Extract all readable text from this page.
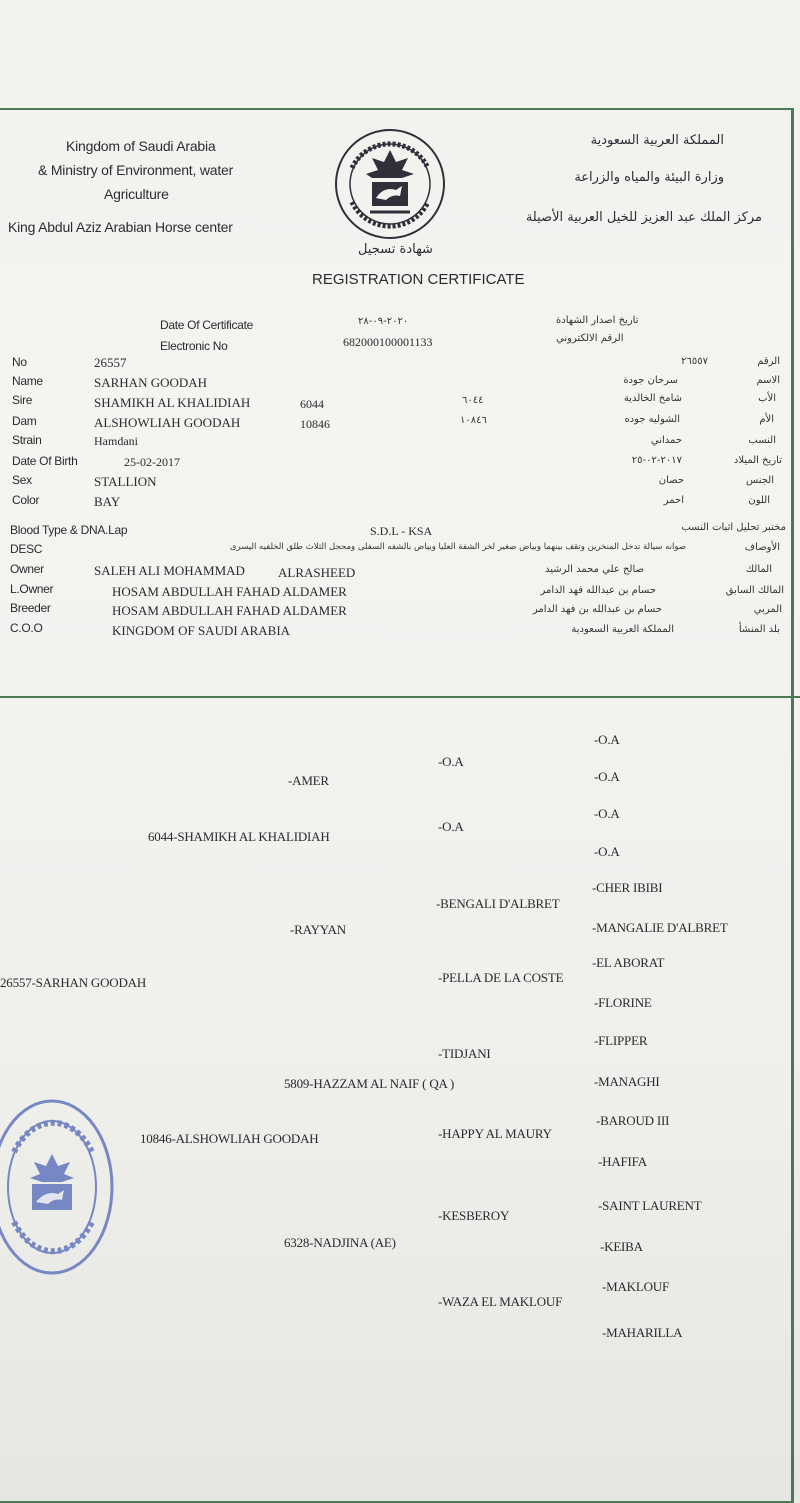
Kingdom of Saudi Arabia
& Ministry of Environment, water
Agriculture
King Abdul Aziz Arabian Horse center
المملكة العربية السعودية
وزارة البيئة والمياه والزراعة
مركز الملك عبد العزيز للخيل العربية الأصيلة
شهادة تسجيل
REGISTRATION CERTIFICATE
Date Of Certificate	٢٠٢٠-٠٩-٢٨	تاريخ اصدار الشهادة
Electronic No	682000100001133	الرقم الالكتروني
No	26557	٢٦٥٥٧	الرقم
Name	SARHAN GOODAH	سرحان جودة	الاسم
Sire	SHAMIKH AL KHALIDIAH	6044	٦٠٤٤	شامخ الخالدية	الأب
Dam	ALSHOWLIAH GOODAH	10846	١٠٨٤٦	الشوليه جوده	الأم
Strain	Hamdani	حمداني	النسب
Date Of Birth	25-02-2017	٢٠١٧-٠٢-٢٥	تاريخ الميلاد
Sex	STALLION	حصان	الجنس
Color	BAY	احمر	اللون
Blood Type & DNA.Lap	S.D.L - KSA	مختبر تحليل اثبات النسب
DESC	صوانه سيالة تدخل المنخرين وتقف بينهما وبياض صغير لخر الشفة العليا وبياض بالشفه السفلى ومحجل الثلاث طلق الخلفيه اليسرى	الأوصاف
Owner	SALEH ALI MOHAMMAD	ALRASHEED	صالح علي محمد الرشيد	المالك
L.Owner	HOSAM ABDULLAH FAHAD ALDAMER	حسام بن عبدالله فهد الدامر	المالك السابق
Breeder	HOSAM ABDULLAH FAHAD ALDAMER	حسام بن عبدالله بن فهد الدامر	المربي
C.O.O	KINGDOM OF SAUDI ARABIA	المملكة العربية السعودية	بلد المنشأ
26557-SARHAN GOODAH
6044-SHAMIKH AL KHALIDIAH
10846-ALSHOWLIAH GOODAH
-AMER
-RAYYAN
5809-HAZZAM AL NAIF ( QA )
6328-NADJINA (AE)
-O.A
-O.A
-BENGALI D'ALBRET
-PELLA DE LA COSTE
-TIDJANI
-HAPPY AL MAURY
-KESBEROY
-WAZA EL MAKLOUF
-O.A
-O.A
-O.A
-O.A
-CHER IBIBI
-MANGALIE D'ALBRET
-EL ABORAT
-FLORINE
-FLIPPER
-MANAGHI
-BAROUD III
-HAFIFA
-SAINT LAURENT
-KEIBA
-MAKLOUF
-MAHARILLA
